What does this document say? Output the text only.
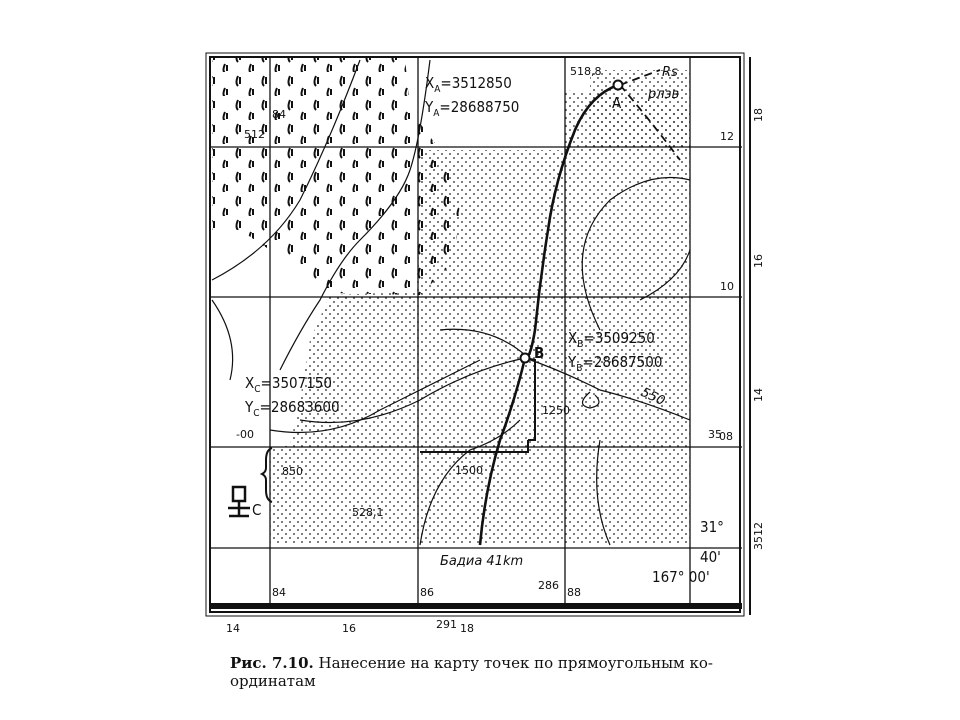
$X_A=3512850$
$Y_A=28688750$	A
$X_B=3509250$
$Y_B=28687500$
B
$X_C=3507150$
$Y_C=28683600$
C
518,8	Rs
pлзв
512
84
1250
1500
850
528,1
-00
550
Бадиа 41km
84	86
286
88
31°
40'
167° 00'
12
10
35
08
18
16
14
3512
14	16	291 18
Рис. 7.10. Нанесение на карту точек по прямоугольным ко-ординатам
